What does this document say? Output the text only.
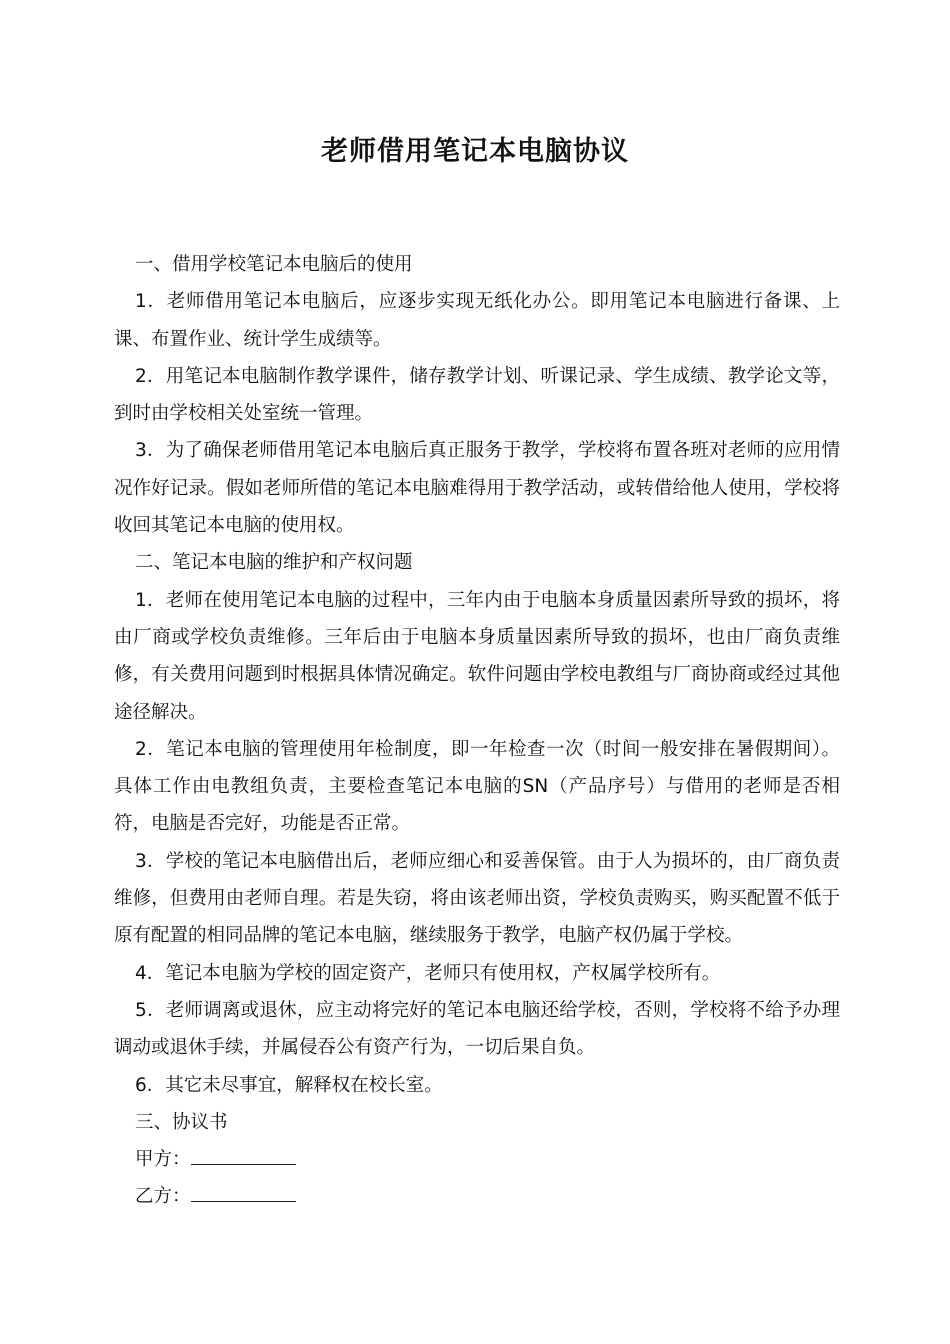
老师借用笔记本电脑协议

一、借用学校笔记本电脑后的使用

1．老师借用笔记本电脑后，应逐步实现无纸化办公。即用笔记本电脑进行备课、上课、布置作业、统计学生成绩等。

2．用笔记本电脑制作教学课件，储存教学计划、听课记录、学生成绩、教学论文等，到时由学校相关处室统一管理。

3．为了确保老师借用笔记本电脑后真正服务于教学，学校将布置各班对老师的应用情况作好记录。假如老师所借的笔记本电脑难得用于教学活动，或转借给他人使用，学校将收回其笔记本电脑的使用权。

二、笔记本电脑的维护和产权问题

1．老师在使用笔记本电脑的过程中，三年内由于电脑本身质量因素所导致的损坏，将由厂商或学校负责维修。三年后由于电脑本身质量因素所导致的损坏，也由厂商负责维修，有关费用问题到时根据具体情况确定。软件问题由学校电教组与厂商协商或经过其他途径解决。

2．笔记本电脑的管理使用年检制度，即一年检查一次（时间一般安排在暑假期间）。具体工作由电教组负责，主要检查笔记本电脑的SN（产品序号）与借用的老师是否相符，电脑是否完好，功能是否正常。

3．学校的笔记本电脑借出后，老师应细心和妥善保管。由于人为损坏的，由厂商负责维修，但费用由老师自理。若是失窃，将由该老师出资，学校负责购买，购买配置不低于原有配置的相同品牌的笔记本电脑，继续服务于教学，电脑产权仍属于学校。

4．笔记本电脑为学校的固定资产，老师只有使用权，产权属学校所有。

5．老师调离或退休，应主动将完好的笔记本电脑还给学校，否则，学校将不给予办理调动或退休手续，并属侵吞公有资产行为，一切后果自负。

6．其它未尽事宜，解释权在校长室。

三、协议书

甲方：

乙方：
